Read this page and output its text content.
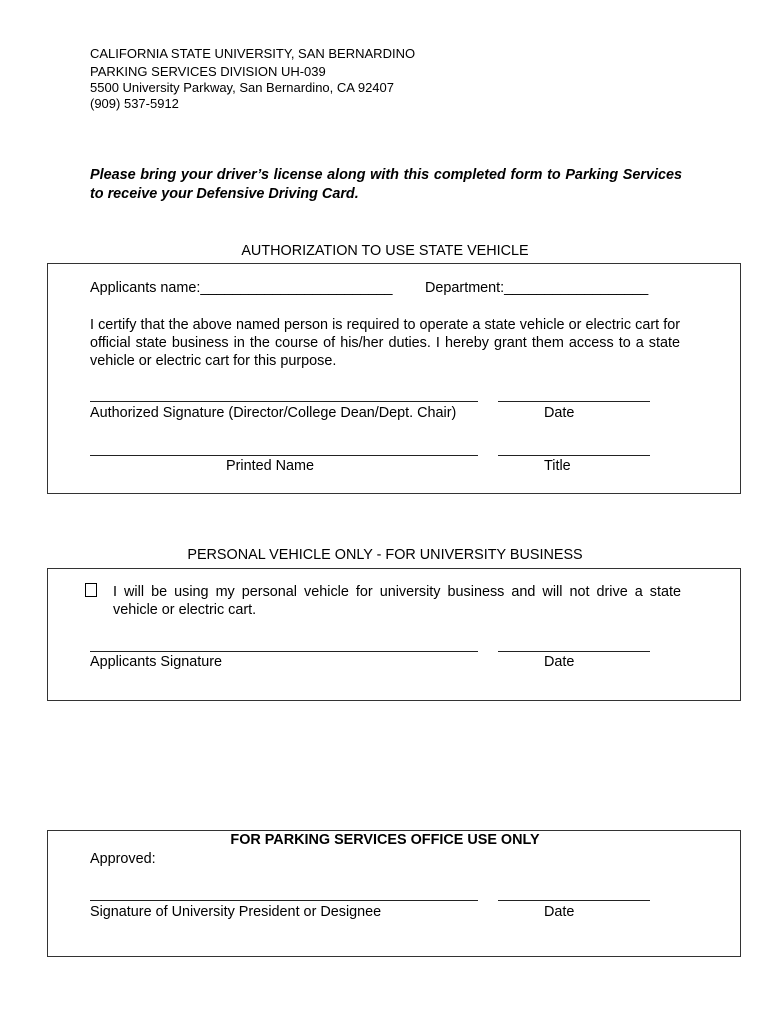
CALIFORNIA STATE UNIVERSITY, SAN BERNARDINO
PARKING SERVICES DIVISION UH-039
5500 University Parkway, San Bernardino, CA 92407
(909) 537-5912
Please bring your driver’s license along with this completed form to Parking Services to receive your Defensive Driving Card.
AUTHORIZATION TO USE STATE VEHICLE
Applicants name:________________________ Department:__________________
I certify that the above named person is required to operate a state vehicle or electric cart for official state business in the course of his/her duties. I hereby grant them access to a state vehicle or electric cart for this purpose.
Authorized Signature (Director/College Dean/Dept. Chair)	Date
Printed Name	Title
PERSONAL VEHICLE ONLY - FOR UNIVERSITY BUSINESS
I will be using my personal vehicle for university business and will not drive a state vehicle or electric cart.
Applicants Signature	Date
FOR PARKING SERVICES OFFICE USE ONLY
Approved:
Signature of University President or Designee	Date
